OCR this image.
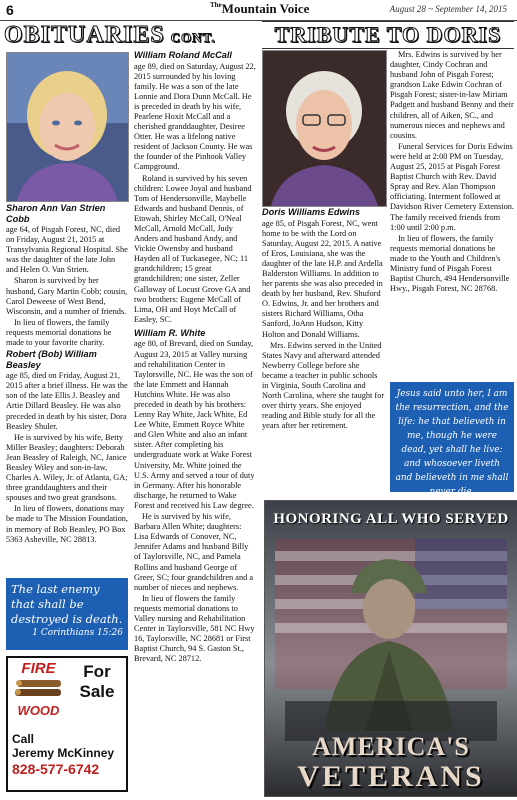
6	$^{The}$Mountain Voice	August 28 ~ September 14, 2015
OBITUARIES CONT.	TRIBUTE TO DORIS

Sharon Ann Van Strien Cobb

age 64, of Pisgah Forest, NC, died on Friday, August 21, 2015 at Transylvania Regional Hospital. She was the daughter of the late John and Helen O. Van Strien.

Sharon is survived by her husband, Gary Martin Cobb; cousin, Carol Deweese of West Bend, Wisconsin, and a number of friends.

In lieu of flowers, the family requests memorial donations be made to your favorite charity.

Robert (Bob) William Beasley

age 85, died on Friday, August 21, 2015 after a brief illness. He was the son of the late Ellis J. Beasley and Artie Dillard Beasley. He was also preceded in death by his sister, Dora Beasley Shuler.

He is survived by his wife, Betty Miller Beasley; daughters: Deborah Jean Beasley of Raleigh, NC, Janice Beasley Wiley and son-in-law, Charles A. Wiley, Jr. of Atlanta, GA; three granddaughters and their spouses and two great grandsons.

In lieu of flowers, donations may be made to The Mission Foundation, in memory of Bob Beasley, PO Box 5363 Asheville, NC 28813.

The last enemy that shall be destroyed is death.
1 Corinthians 15:26
FIRE
WOOD
For
Sale
Call
Jeremy McKinney
828-577-6742

William Roland McCall

age 89, died on Saturday, August 22, 2015 surrounded by his loving family. He was a son of the late Lonnie and Dora Dunn McCall. He is preceded in death by his wife, Pearlene Hoxit McCall and a cherished granddaughter, Desiree Otter. He was a lifelong native resident of Jackson County. He was the founder of the Pinhook Valley Campground.

Roland is survived by his seven children: Lowee Joyal and husband Tom of Hendersonville, Maybelle Edwards and husband Dennis, of Etowah, Shirley McCall, O'Neal McCall, Arnold McCall, Judy Anders and husband Andy, and Vickie Owensby and husband Hayden all of Tuckasegee, NC; 11 grandchildren; 15 great grandchildren; one sister, Zeller Galloway of Locust Grove GA and two brothers: Eugene McCall of Lima, OH and Hoyt McCall of Easley, SC.

William R. White

age 80, of Brevard, died on Sunday, August 23, 2015 at Valley nursing and rehabilitation Center in Taylorsville, NC. He was the son of the late Emmett and Hannah Hutchins White. He was also preceded in death by his brothers: Lenny Ray White, Jack White, Ed Lee White, Emmett Royce White and Glen White and also an infant sister. After completing his undergraduate work at Wake Forest University, Mr. White joined the U.S. Army and served a tour of duty in Germany. After his honorable discharge, he returned to Wake Forest and received his Law degree.

He is survived by his wife, Barbara Allen White; daughters: Lisa Edwards of Conover, NC, Jennifer Adams and husband Billy of Taylorsville, NC, and Pamela Rollins and husband George of Greer, SC; four grandchildren and a number of nieces and nephews.

In lieu of flowers the family requests memorial donations to Valley nursing and Rehabilitation Center in Taylorsville, 581 NC Hwy 16, Taylorsville, NC 28681 or First Baptist Church, 94 S. Gaston St., Brevard, NC 28712.

Doris Williams Edwins

age 85, of Pisgah Forest, NC, went home to be with the Lord on Saturday, August 22, 2015. A native of Eros, Louisiana, she was the daughter of the late H.P. and Ardella Balderston Williams. In addition to her parents she was also preceded in death by her husband, Rev. Shuford O. Edwins, Jr. and her brothers and sisters Richard Williams, Otha Sanford, JoAnn Hudson, Kitty Holton and Donald Williams.

Mrs. Edwins served in the United States Navy and afterward attended Newberry College before she became a teacher in public schools in Virginia, South Carolina and North Carolina, where she taught for over thirty years. She enjoyed reading and Bible study for all the years after her retirement.

Mrs. Edwins is survived by her daughter, Cindy Cochran and husband John of Pisgah Forest; grandson Lake Edwin Cochran of Pisgah Forest; sister-in-law Miriam Padgett and husband Benny and their children, all of Aiken, SC., and numerous nieces and nephews and cousins.

Funeral Services for Doris Edwins were held at 2:00 PM on Tuesday, August 25, 2015 at Pisgah Forest Baptist Church with Rev. David Spray and Rev. Alan Thompson officiating. Interment followed at Davidson River Cemetery Extension. The family received friends from 1:00 until 2:00 p.m.

In lieu of flowers, the family requests memorial donations be made to the Youth and Children's Ministry fund of Pisgah Forest Baptist Church, 494 Hendersonville Hwy., Pisgah Forest, NC 28768.

Jesus said unto her, I am the resurrection, and the life: he that believeth in me, though he were dead, yet shall he live: and whosoever liveth and believeth in me shall never die.
HONORING ALL WHO SERVED
AMERICA'S
VETERANS
